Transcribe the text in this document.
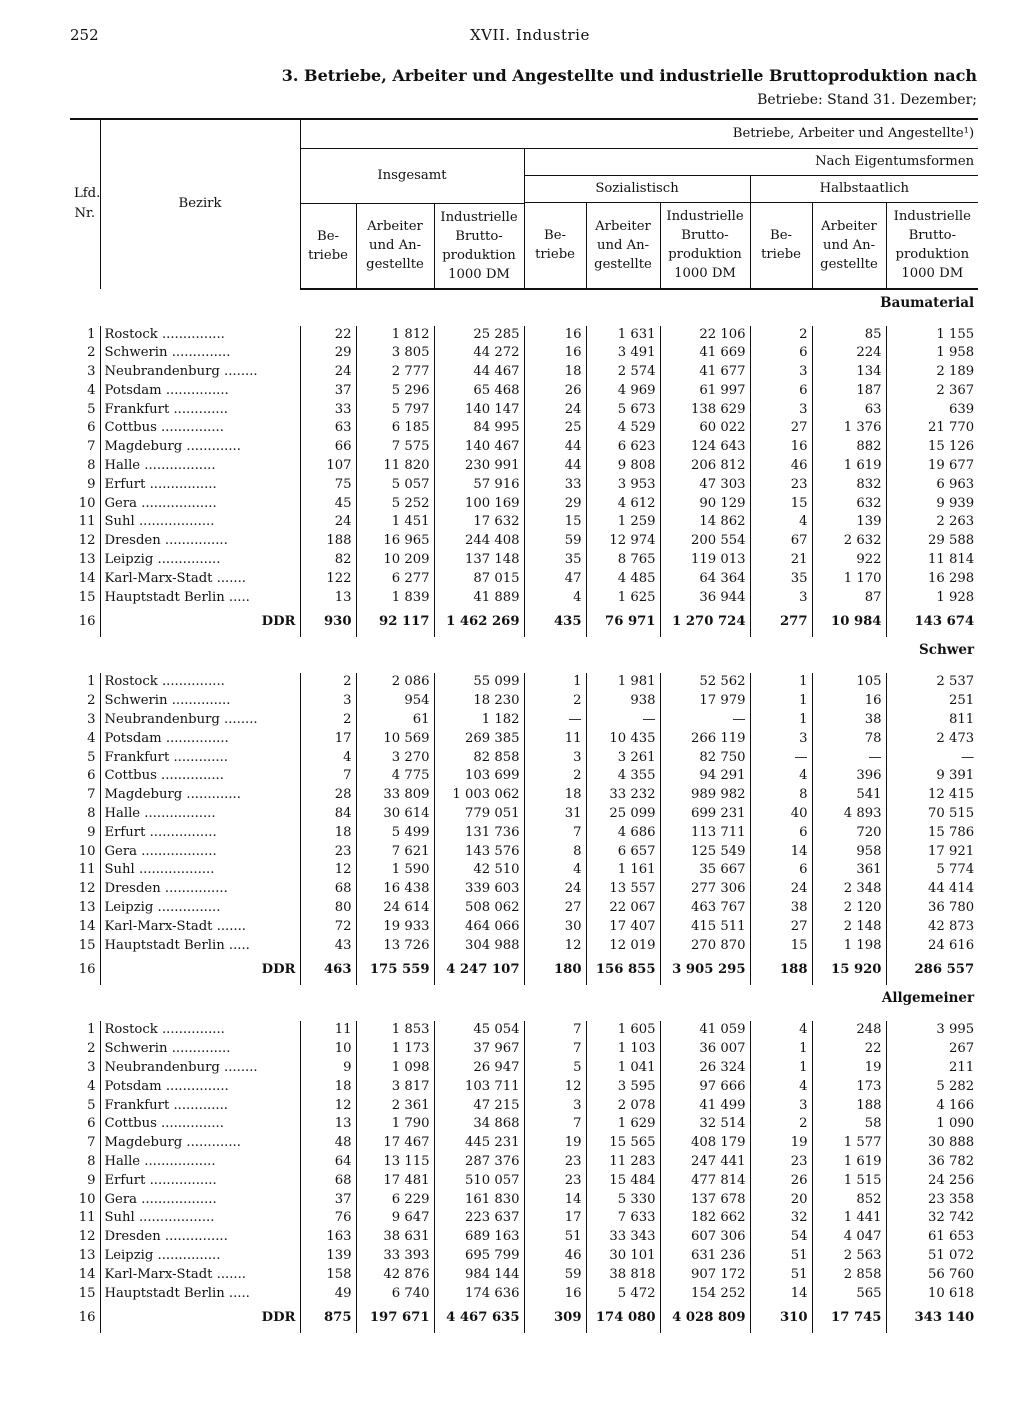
252	XVII. Industrie
3. Betriebe, Arbeiter und Angestellte und industrielle Bruttoproduktion nach
Betriebe: Stand 31. Dezember;
Lfd. Nr.	Bezirk	Betriebe, Arbeiter und Angestellte¹)								
		Insgesamt			Nach Eigentumsformen					
					Sozialistisch			Halbstaatlich		

		Be- triebe	Arbeiter und An- gestellte	Industrielle Brutto- produktion 1000 DM	Be- triebe	Arbeiter und An- gestellte	Industrielle Brutto- produktion 1000 DM	Be- triebe	Arbeiter und An- gestellte	Industrielle Brutto- produktion 1000 DM
Baumaterial										

1	Rostock ...............	22	1 812	25 285	16	1 631	22 106	2	85	1 155
2	Schwerin ..............	29	3 805	44 272	16	3 491	41 669	6	224	1 958
3	Neubrandenburg ........	24	2 777	44 467	18	2 574	41 677	3	134	2 189
4	Potsdam ...............	37	5 296	65 468	26	4 969	61 997	6	187	2 367
5	Frankfurt .............	33	5 797	140 147	24	5 673	138 629	3	63	639
6	Cottbus ...............	63	6 185	84 995	25	4 529	60 022	27	1 376	21 770
7	Magdeburg .............	66	7 575	140 467	44	6 623	124 643	16	882	15 126
8	Halle .................	107	11 820	230 991	44	9 808	206 812	46	1 619	19 677
9	Erfurt ................	75	5 057	57 916	33	3 953	47 303	23	832	6 963
10	Gera ..................	45	5 252	100 169	29	4 612	90 129	15	632	9 939
11	Suhl ..................	24	1 451	17 632	15	1 259	14 862	4	139	2 263
12	Dresden ...............	188	16 965	244 408	59	12 974	200 554	67	2 632	29 588
13	Leipzig ...............	82	10 209	137 148	35	8 765	119 013	21	922	11 814
14	Karl-Marx-Stadt .......	122	6 277	87 015	47	4 485	64 364	35	1 170	16 298
15	Hauptstadt Berlin .....	13	1 839	41 889	4	1 625	36 944	3	87	1 928
16	DDR	930	92 117	1 462 269	435	76 971	1 270 724	277	10 984	143 674
Schwer										

1	Rostock ...............	2	2 086	55 099	1	1 981	52 562	1	105	2 537
2	Schwerin ..............	3	954	18 230	2	938	17 979	1	16	251
3	Neubrandenburg ........	2	61	1 182	—	—	—	1	38	811
4	Potsdam ...............	17	10 569	269 385	11	10 435	266 119	3	78	2 473
5	Frankfurt .............	4	3 270	82 858	3	3 261	82 750	—	—	—
6	Cottbus ...............	7	4 775	103 699	2	4 355	94 291	4	396	9 391
7	Magdeburg .............	28	33 809	1 003 062	18	33 232	989 982	8	541	12 415
8	Halle .................	84	30 614	779 051	31	25 099	699 231	40	4 893	70 515
9	Erfurt ................	18	5 499	131 736	7	4 686	113 711	6	720	15 786
10	Gera ..................	23	7 621	143 576	8	6 657	125 549	14	958	17 921
11	Suhl ..................	12	1 590	42 510	4	1 161	35 667	6	361	5 774
12	Dresden ...............	68	16 438	339 603	24	13 557	277 306	24	2 348	44 414
13	Leipzig ...............	80	24 614	508 062	27	22 067	463 767	38	2 120	36 780
14	Karl-Marx-Stadt .......	72	19 933	464 066	30	17 407	415 511	27	2 148	42 873
15	Hauptstadt Berlin .....	43	13 726	304 988	12	12 019	270 870	15	1 198	24 616
16	DDR	463	175 559	4 247 107	180	156 855	3 905 295	188	15 920	286 557
Allgemeiner										

1	Rostock ...............	11	1 853	45 054	7	1 605	41 059	4	248	3 995
2	Schwerin ..............	10	1 173	37 967	7	1 103	36 007	1	22	267
3	Neubrandenburg ........	9	1 098	26 947	5	1 041	26 324	1	19	211
4	Potsdam ...............	18	3 817	103 711	12	3 595	97 666	4	173	5 282
5	Frankfurt .............	12	2 361	47 215	3	2 078	41 499	3	188	4 166
6	Cottbus ...............	13	1 790	34 868	7	1 629	32 514	2	58	1 090
7	Magdeburg .............	48	17 467	445 231	19	15 565	408 179	19	1 577	30 888
8	Halle .................	64	13 115	287 376	23	11 283	247 441	23	1 619	36 782
9	Erfurt ................	68	17 481	510 057	23	15 484	477 814	26	1 515	24 256
10	Gera ..................	37	6 229	161 830	14	5 330	137 678	20	852	23 358
11	Suhl ..................	76	9 647	223 637	17	7 633	182 662	32	1 441	32 742
12	Dresden ...............	163	38 631	689 163	51	33 343	607 306	54	4 047	61 653
13	Leipzig ...............	139	33 393	695 799	46	30 101	631 236	51	2 563	51 072
14	Karl-Marx-Stadt .......	158	42 876	984 144	59	38 818	907 172	51	2 858	56 760
15	Hauptstadt Berlin .....	49	6 740	174 636	16	5 472	154 252	14	565	10 618
16	DDR	875	197 671	4 467 635	309	174 080	4 028 809	310	17 745	343 140
